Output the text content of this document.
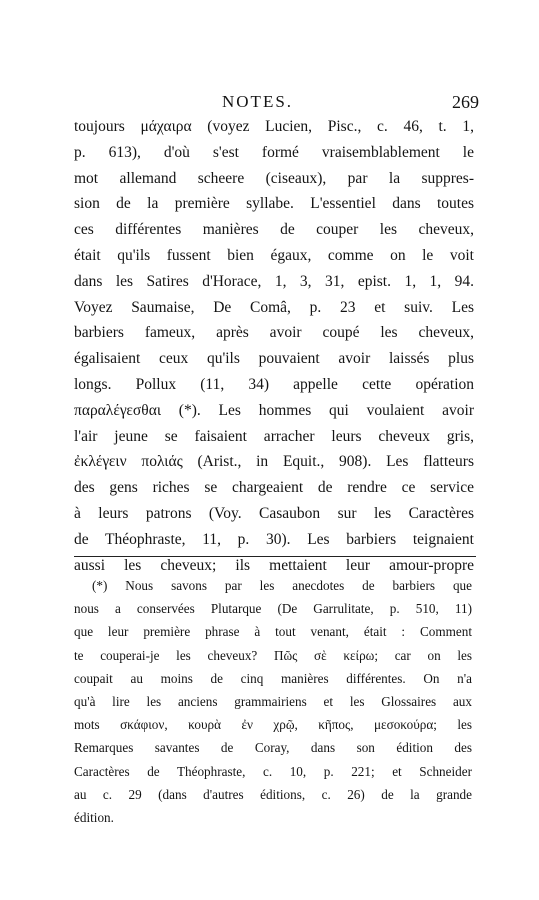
NOTES.	269
toujours μάχαιρα (voyez Lucien, Pisc., c. 46, t. 1,
p. 613), d'où s'est formé vraisemblablement le
mot allemand scheere (ciseaux), par la suppres-
sion de la première syllabe. L'essentiel dans toutes
ces différentes manières de couper les cheveux,
était qu'ils fussent bien égaux, comme on le voit
dans les Satires d'Horace, 1, 3, 31, epist. 1, 1, 94.
Voyez Saumaise, De Comâ, p. 23 et suiv. Les
barbiers fameux, après avoir coupé les cheveux,
égalisaient ceux qu'ils pouvaient avoir laissés plus
longs. Pollux (11, 34) appelle cette opération
παραλέγεσθαι (*). Les hommes qui voulaient avoir
l'air jeune se faisaient arracher leurs cheveux gris,
ἐκλέγειν πολιάς (Arist., in Equit., 908). Les flatteurs
des gens riches se chargeaient de rendre ce service
à leurs patrons (Voy. Casaubon sur les Caractères
de Théophraste, 11, p. 30). Les barbiers teignaient
aussi les cheveux; ils mettaient leur amour-propre
(*) Nous savons par les anecdotes de barbiers que
nous a conservées Plutarque (De Garrulitate, p. 510, 11)
que leur première phrase à tout venant, était : Comment
te couperai-je les cheveux? Πῶς σὲ κείρω; car on les
coupait au moins de cinq manières différentes. On n'a
qu'à lire les anciens grammairiens et les Glossaires aux
mots σκάφιον, κουρὰ ἐν χρῷ, κῆπος, μεσοκούρα; les
Remarques savantes de Coray, dans son édition des
Caractères de Théophraste, c. 10, p. 221; et Schneider
au c. 29 (dans d'autres éditions, c. 26) de la grande
édition.
